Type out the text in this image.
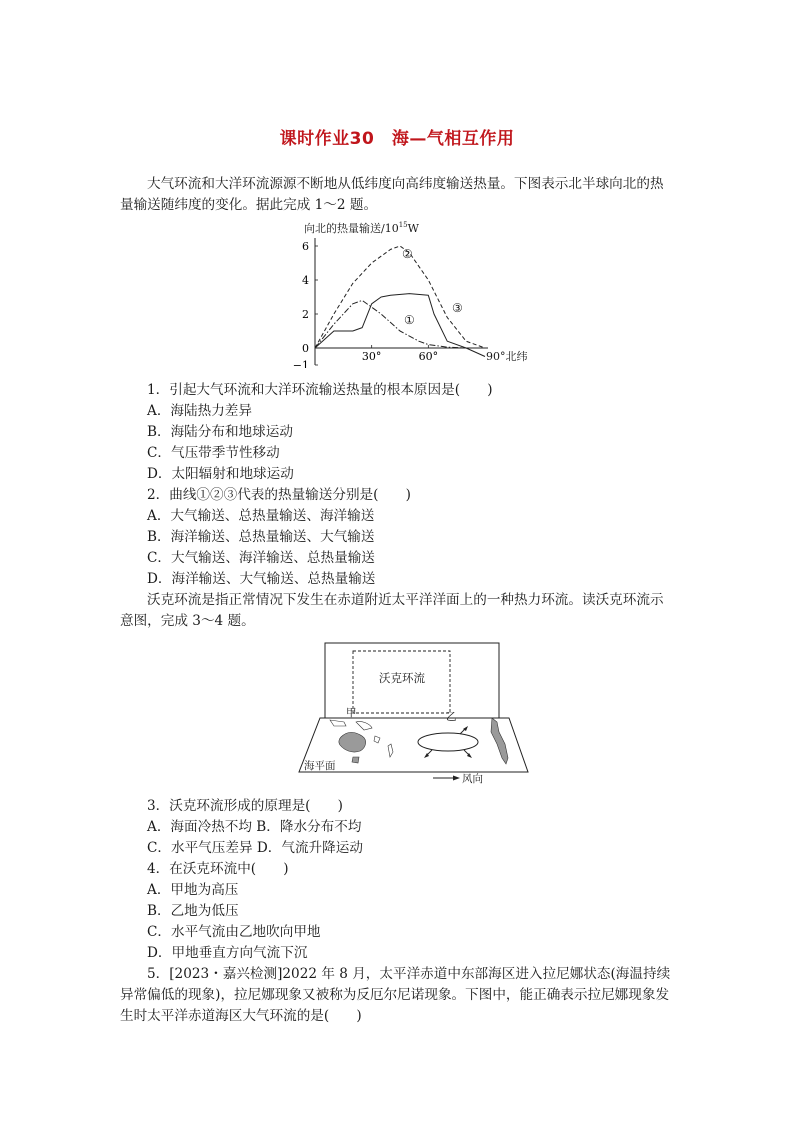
课时作业30　海—气相互作用

大气环流和大洋环流源源不断地从低纬度向高纬度输送热量。下图表示北半球向北的热量输送随纬度的变化。据此完成 1～2 题。

向北的热量输送$/10^{15}W$
6
4
2
0
−1
30°	60°	90°北纬
②
③
①

1．引起大气环流和大洋环流输送热量的根本原因是(　　)

A．海陆热力差异

B．海陆分布和地球运动

C．气压带季节性移动

D．太阳辐射和地球运动

2．曲线①②③代表的热量输送分别是(　　)

A．大气输送、总热量输送、海洋输送

B．海洋输送、总热量输送、大气输送

C．大气输送、海洋输送、总热量输送

D．海洋输送、大气输送、总热量输送

沃克环流是指正常情况下发生在赤道附近太平洋洋面上的一种热力环流。读沃克环流示意图，完成 3～4 题。

沃克环流
甲	乙
海平面
风向

3．沃克环流形成的原理是(　　)

A．海面冷热不均 B．降水分布不均

C．水平气压差异 D．气流升降运动

4．在沃克环流中(　　)

A．甲地为高压

B．乙地为低压

C．水平气流由乙地吹向甲地

D．甲地垂直方向气流下沉

5．[2023・嘉兴检测]2022 年 8 月，太平洋赤道中东部海区进入拉尼娜状态(海温持续异常偏低的现象)，拉尼娜现象又被称为反厄尔尼诺现象。下图中，能正确表示拉尼娜现象发生时太平洋赤道海区大气环流的是(　　)
